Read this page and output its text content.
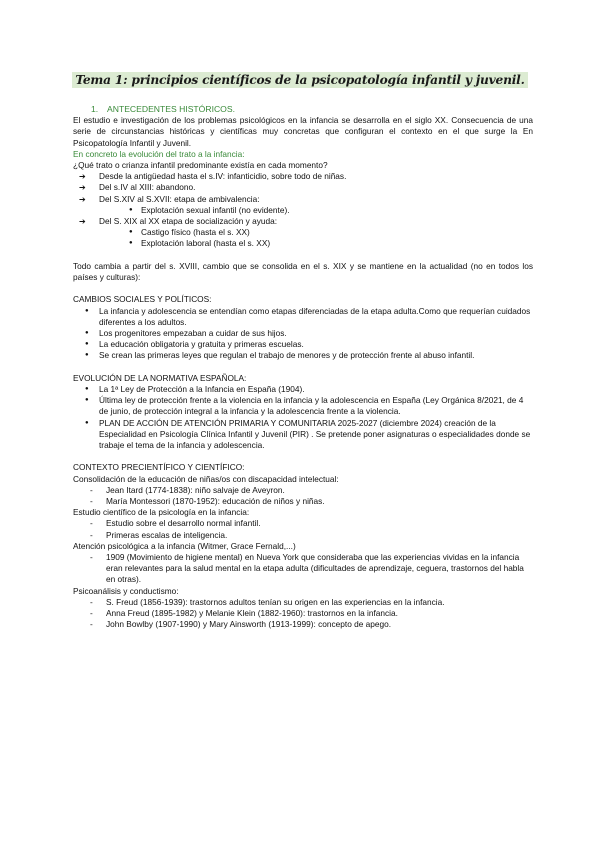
Tema 1: principios científicos de la psicopatología infantil y juvenil.

1. ANTECEDENTES HISTÓRICOS.

El estudio e investigación de los problemas psicológicos en la infancia se desarrolla en el siglo XX. Consecuencia de una serie de circunstancias históricas y científicas muy concretas que configuran el contexto en el que surge la En Psicopatología Infantil y Juvenil.

En concreto la evolución del trato a la infancia:

¿Qué trato o crianza infantil predominante existía en cada momento?

➔ Desde la antigüedad hasta el s.IV: infanticidio, sobre todo de niñas.
➔ Del s.IV al XIII: abandono.
➔ Del S.XIV al S.XVII: etapa de ambivalencia:
● Explotación sexual infantil (no evidente).
➔ Del S. XIX al XX etapa de socialización y ayuda:
● Castigo físico (hasta el s. XX)
● Explotación laboral (hasta el s. XX)

Todo cambia a partir del s. XVIII, cambio que se consolida en el s. XIX y se mantiene en la actualidad (no en todos los países y culturas):

CAMBIOS SOCIALES Y POLÍTICOS:

● La infancia y adolescencia se entendían como etapas diferenciadas de la etapa adulta.Como que requerían cuidados diferentes a los adultos.
● Los progenitores empezaban a cuidar de sus hijos.
● La educación obligatoria y gratuita y primeras escuelas.
● Se crean las primeras leyes que regulan el trabajo de menores y de protección frente al abuso infantil.

EVOLUCIÓN DE LA NORMATIVA ESPAÑOLA:

● La 1ª Ley de Protección a la Infancia en España (1904).
● Última ley de protección frente a la violencia en la infancia y la adolescencia en España (Ley Orgánica 8/2021, de 4 de junio, de protección integral a la infancia y la adolescencia frente a la violencia.
● PLAN DE ACCIÓN DE ATENCIÓN PRIMARIA Y COMUNITARIA 2025-2027 (diciembre 2024) creación de la Especialidad en Psicología Clínica Infantil y Juvenil (PIR) . Se pretende poner asignaturas o especialidades donde se trabaje el tema de la infancia y adolescencia.

CONTEXTO PRECIENTÍFICO Y CIENTÍFICO:

Consolidación de la educación de niñas/os con discapacidad intelectual:

- Jean Itard (1774-1838): niño salvaje de Aveyron.
- María Montessori (1870-1952): educación de niños y niñas.

Estudio científico de la psicología en la infancia:

- Estudio sobre el desarrollo normal infantil.
- Primeras escalas de inteligencia.

Atención psicológica a la infancia (Witmer, Grace Fernald,...)

- 1909 (Movimiento de higiene mental) en Nueva York que consideraba que las experiencias vividas en la infancia eran relevantes para la salud mental en la etapa adulta (dificultades de aprendizaje, ceguera, trastornos del habla en otras).

Psicoanálisis y conductismo:

- S. Freud (1856-1939): trastornos adultos tenían su origen en las experiencias en la infancia.
- Anna Freud (1895-1982) y Melanie Klein (1882-1960): trastornos en la infancia.
- John Bowlby (1907-1990) y Mary Ainsworth (1913-1999): concepto de apego.
